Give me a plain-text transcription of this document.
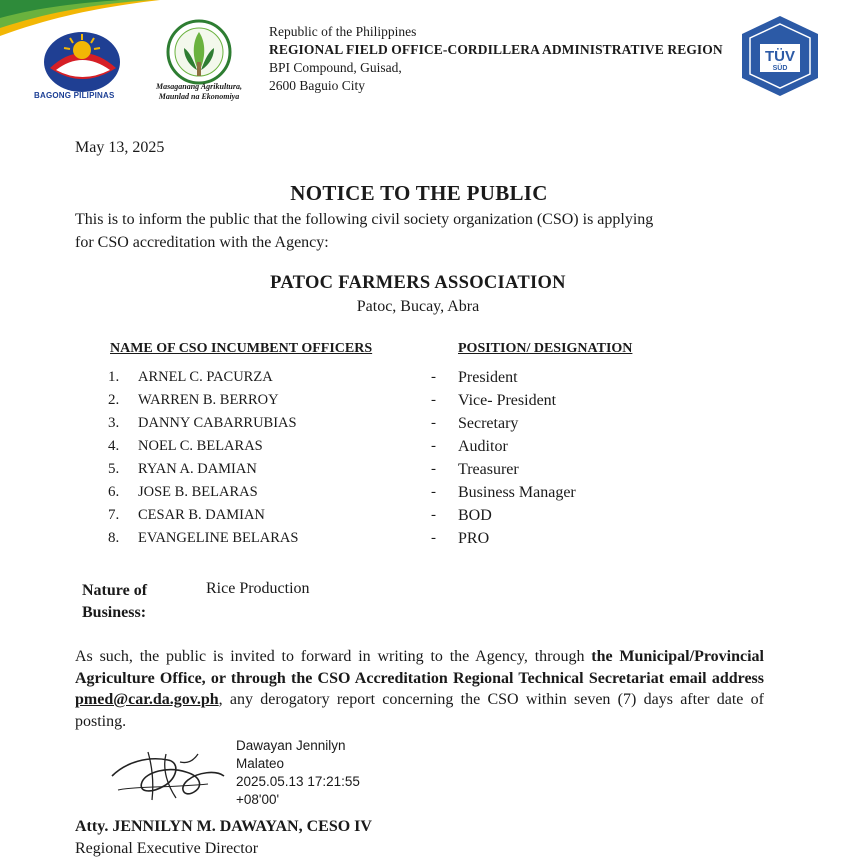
BAGONG PILIPINAS
Masaganang Agrikultura,
Maunlad na Ekonomiya
Republic of the Philippines
REGIONAL FIELD OFFICE-CORDILLERA ADMINISTRATIVE REGION
BPI Compound, Guisad,
2600 Baguio City
TÜV
SÜD
May 13, 2025
NOTICE TO THE PUBLIC
This is to inform the public that the following civil society organization (CSO) is applying
for CSO accreditation with the Agency:
PATOC FARMERS ASSOCIATION
Patoc, Bucay, Abra
NAME OF CSO INCUMBENT OFFICERS	POSITION/ DESIGNATION
1.	ARNEL C. PACURZA	- President
2.	WARREN B. BERROY	- Vice- President
3.	DANNY CABARRUBIAS	- Secretary
4.	NOEL C. BELARAS	- Auditor
5.	RYAN A. DAMIAN	- Treasurer
6.	JOSE B. BELARAS	- Business Manager
7.	CESAR B. DAMIAN	- BOD
8.	EVANGELINE BELARAS	- PRO
Nature of
Business:
Rice Production
As such, the public is invited to forward in writing to the Agency, through the Municipal/Provincial Agriculture Office, or through the CSO Accreditation Regional Technical Secretariat email address pmed@car.da.gov.ph, any derogatory report concerning the CSO within seven (7) days after date of posting.
Dawayan Jennilyn
Malateo
2025.05.13 17:21:55
+08'00'
Atty. JENNILYN M. DAWAYAN, CESO IV
Regional Executive Director
